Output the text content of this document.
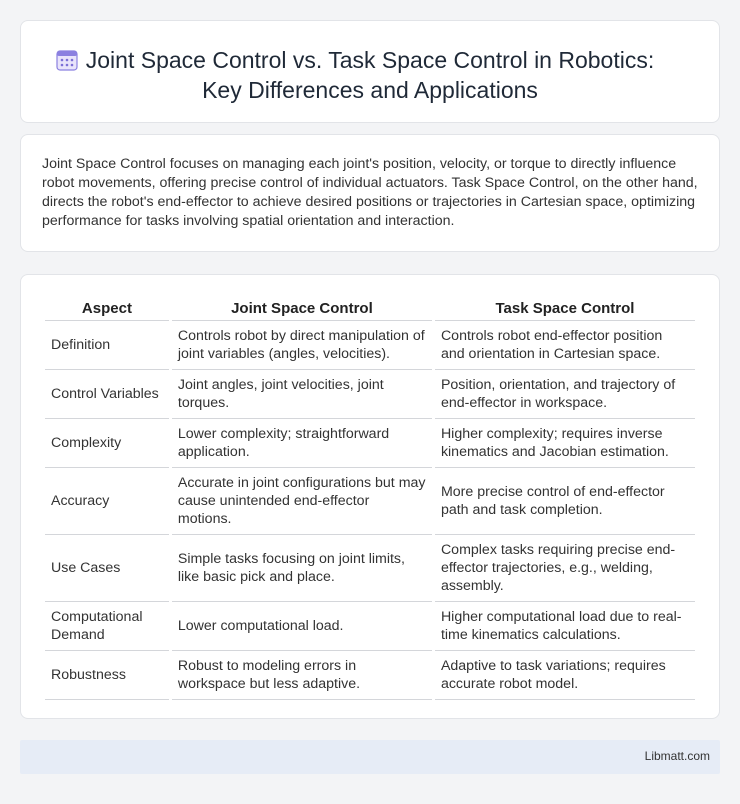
Joint Space Control vs. Task Space Control in Robotics:
Key Differences and Applications

Joint Space Control focuses on managing each joint's position, velocity, or torque to directly influence robot movements, offering precise control of individual actuators. Task Space Control, on the other hand, directs the robot's end-effector to achieve desired positions or trajectories in Cartesian space, optimizing performance for tasks involving spatial orientation and interaction.

Aspect	Joint Space Control	Task Space Control
Definition	Controls robot by direct manipulation of joint variables (angles, velocities).	Controls robot end-effector position and orientation in Cartesian space.
Control Variables	Joint angles, joint velocities, joint torques.	Position, orientation, and trajectory of end-effector in workspace.
Complexity	Lower complexity; straightforward application.	Higher complexity; requires inverse kinematics and Jacobian estimation.
Accuracy	Accurate in joint configurations but may cause unintended end-effector motions.	More precise control of end-effector path and task completion.
Use Cases	Simple tasks focusing on joint limits, like basic pick and place.	Complex tasks requiring precise end-effector trajectories, e.g., welding, assembly.
Computational Demand	Lower computational load.	Higher computational load due to real-time kinematics calculations.
Robustness	Robust to modeling errors in workspace but less adaptive.	Adaptive to task variations; requires accurate robot model.
Libmatt.com
